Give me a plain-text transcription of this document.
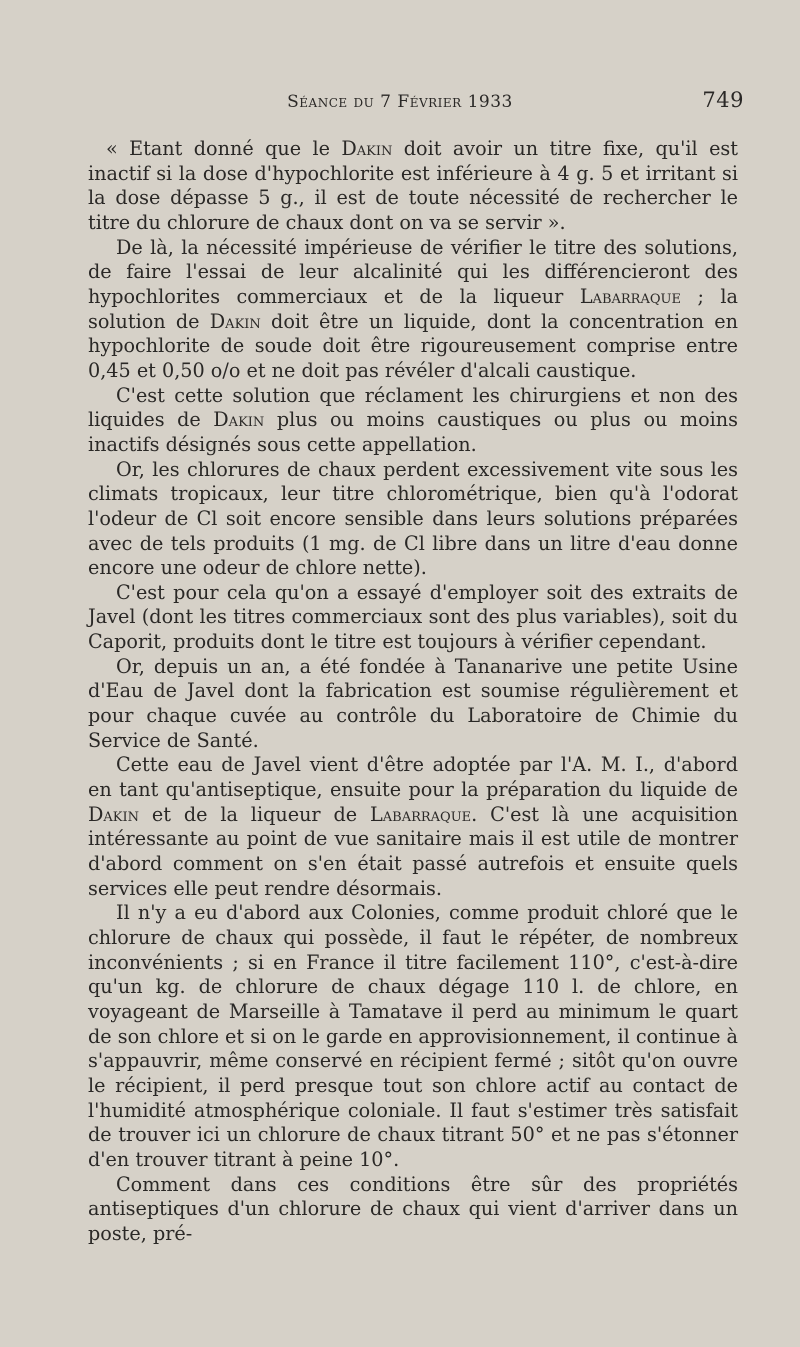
Séance du 7 Février 1933	749

« Etant donné que le Dakin doit avoir un titre fixe, qu'il est inactif si la dose d'hypochlorite est inférieure à 4 g. 5 et irritant si la dose dépasse 5 g., il est de toute nécessité de rechercher le titre du chlorure de chaux dont on va se servir ».

De là, la nécessité impérieuse de vérifier le titre des solutions, de faire l'essai de leur alcalinité qui les différencieront des hypochlorites commerciaux et de la liqueur Labarraque ; la solution de Dakin doit être un liquide, dont la concentration en hypochlorite de soude doit être rigoureusement comprise entre 0,45 et 0,50 o/o et ne doit pas révéler d'alcali caustique.

C'est cette solution que réclament les chirurgiens et non des liquides de Dakin plus ou moins caustiques ou plus ou moins inactifs désignés sous cette appellation.

Or, les chlorures de chaux perdent excessivement vite sous les climats tropicaux, leur titre chlorométrique, bien qu'à l'odorat l'odeur de Cl soit encore sensible dans leurs solutions préparées avec de tels produits (1 mg. de Cl libre dans un litre d'eau donne encore une odeur de chlore nette).

C'est pour cela qu'on a essayé d'employer soit des extraits de Javel (dont les titres commerciaux sont des plus variables), soit du Caporit, produits dont le titre est toujours à vérifier cependant.

Or, depuis un an, a été fondée à Tananarive une petite Usine d'Eau de Javel dont la fabrication est soumise régulièrement et pour chaque cuvée au contrôle du Laboratoire de Chimie du Service de Santé.

Cette eau de Javel vient d'être adoptée par l'A. M. I., d'abord en tant qu'antiseptique, ensuite pour la préparation du liquide de Dakin et de la liqueur de Labarraque. C'est là une acquisition intéressante au point de vue sanitaire mais il est utile de montrer d'abord comment on s'en était passé autrefois et ensuite quels services elle peut rendre désormais.

Il n'y a eu d'abord aux Colonies, comme produit chloré que le chlorure de chaux qui possède, il faut le répéter, de nombreux inconvénients ; si en France il titre facilement 110°, c'est-à-dire qu'un kg. de chlorure de chaux dégage 110 l. de chlore, en voyageant de Marseille à Tamatave il perd au minimum le quart de son chlore et si on le garde en approvisionnement, il continue à s'appauvrir, même conservé en récipient fermé ; sitôt qu'on ouvre le récipient, il perd presque tout son chlore actif au contact de l'humidité atmosphérique coloniale. Il faut s'estimer très satisfait de trouver ici un chlorure de chaux titrant 50° et ne pas s'étonner d'en trouver titrant à peine 10°.

Comment dans ces conditions être sûr des propriétés antiseptiques d'un chlorure de chaux qui vient d'arriver dans un poste, pré-
